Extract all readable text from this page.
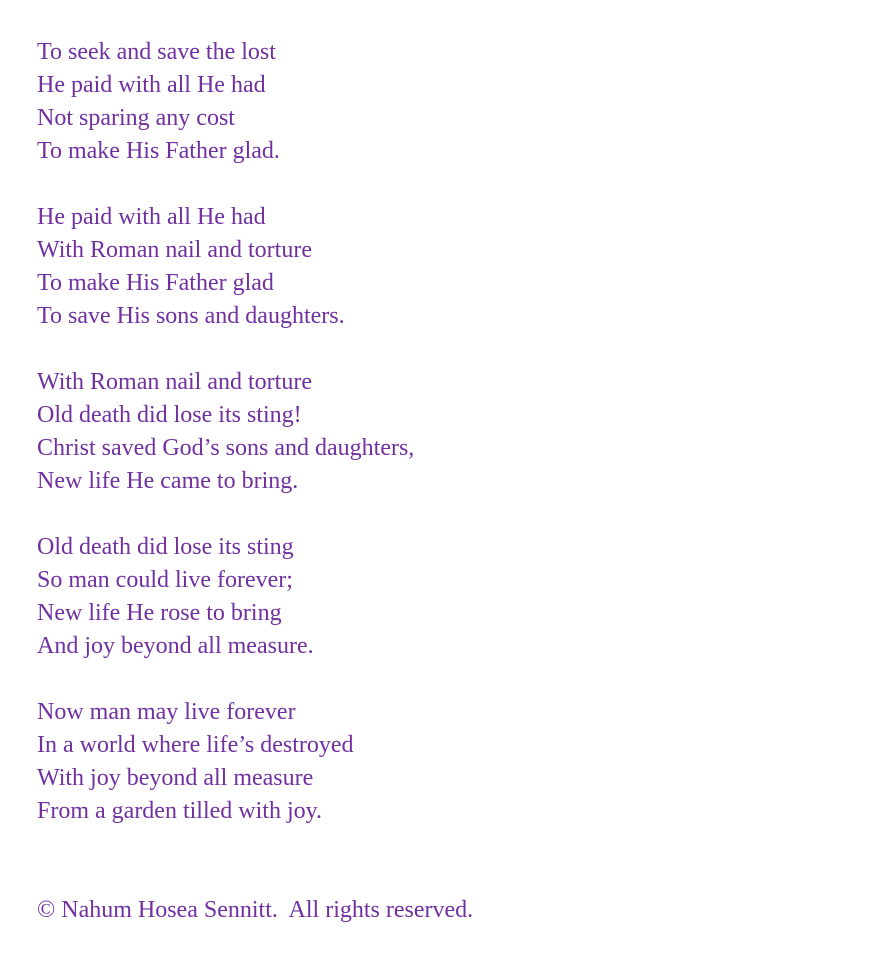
To seek and save the lost
He paid with all He had
Not sparing any cost
To make His Father glad.
He paid with all He had
With Roman nail and torture
To make His Father glad
To save His sons and daughters.
With Roman nail and torture
Old death did lose its sting!
Christ saved God’s sons and daughters,
New life He came to bring.
Old death did lose its sting
So man could live forever;
New life He rose to bring
And joy beyond all measure.
Now man may live forever
In a world where life’s destroyed
With joy beyond all measure
From a garden tilled with joy.
© Nahum Hosea Sennitt.  All rights reserved.
